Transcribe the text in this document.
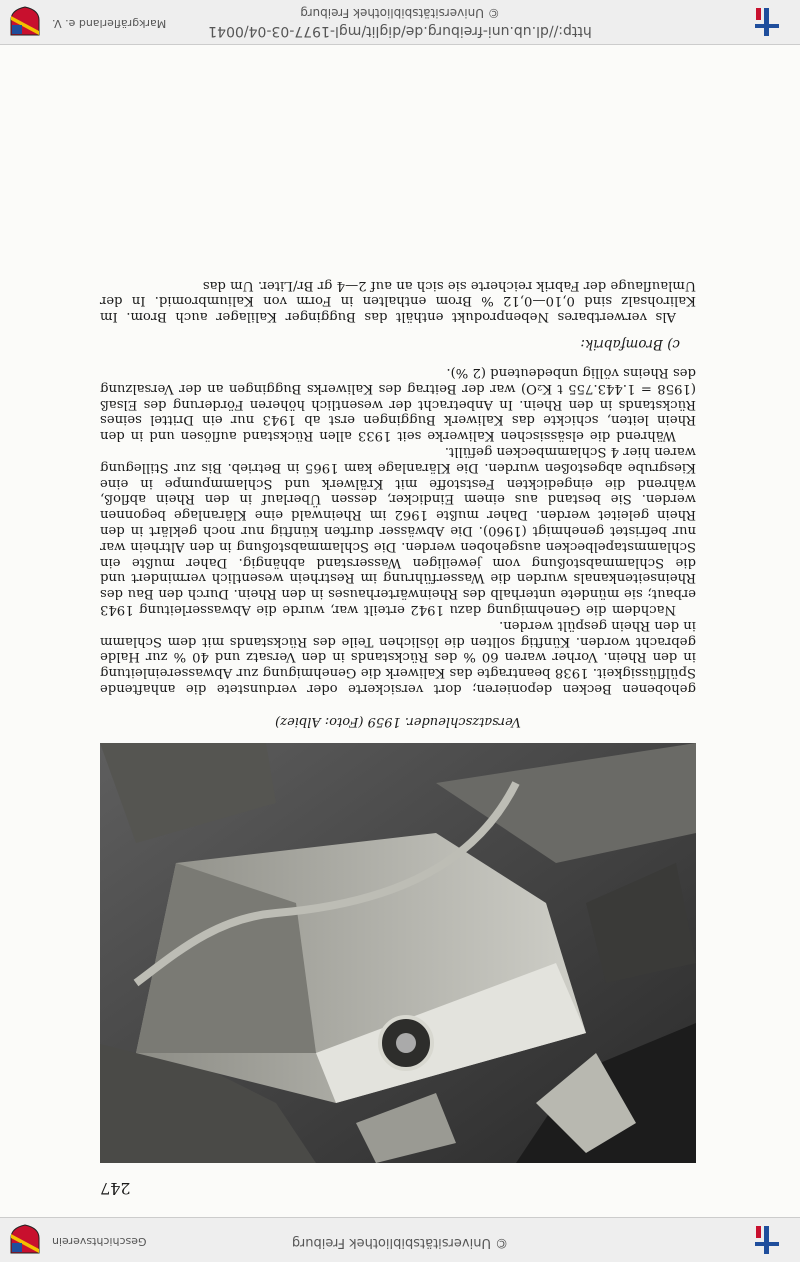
© Universitätsbibliothek Freiburg
Geschichtsverein
247
Versatzschleuder. 1959 (Foto: Albiez)

gehobenen Becken deponieren; dort versickerte oder verdunstete die anhaftende Spülflüssigkeit. 1938 beantragte das Kaliwerk die Genehmigung zur Abwassereinleitung in den Rhein. Vorher waren 60 % des Rückstands in den Versatz und 40 % zur Halde gebracht worden. Künftig sollten die löslichen Teile des Rückstands mit dem Schlamm in den Rhein gespült werden.

Nachdem die Genehmigung dazu 1942 erteilt war, wurde die Abwasserleitung 1943 erbaut; sie mündete unterhalb des Rheinwärterhauses in den Rhein. Durch den Bau des Rheinseitenkanals wurden die Wasserführung im Restrhein wesentlich vermindert und die Schlammabstoßung vom jeweiligen Wasserstand abhängig. Daher mußte ein Schlammstapelbecken ausgehoben werden. Die Schlammabstoßung in den Altrhein war nur befristet genehmigt (1960). Die Abwässer durften künftig nur noch geklärt in den Rhein geleitet werden. Daher mußte 1962 im Rheinwald eine Kläranlage begonnen werden. Sie bestand aus einem Eindicker, dessen Überlauf in den Rhein abfloß, während die eingedickten Feststoffe mit Krälwerk und Schlammpumpe in eine Kiesgrube abgestoßen wurden. Die Kläranlage kam 1965 in Betrieb. Bis zur Stillegung waren hier 4 Schlammbecken gefüllt.

Während die elsässischen Kaliwerke seit 1933 allen Rückstand auflösen und in den Rhein leiten, schickte das Kaliwerk Buggingen erst ab 1943 nur ein Drittel seines Rückstands in den Rhein. In Anbetracht der wesentlich höheren Förderung des Elsaß (1958 = 1.443.755 t K₂O) war der Beitrag des Kaliwerks Buggingen an der Versalzung des Rheins völlig unbedeutend (2 %).

c) Bromfabrik:

Als verwertbares Nebenprodukt enthält das Bugginger Kalilager auch Brom. Im Kalirohsalz sind 0,10—0,12 % Brom enthalten in Form von Kaliumbromid. In der Umlauflauge der Fabrik reicherte sie sich an auf 2—4 gr Br/Liter. Um das

http://dl.ub.uni-freiburg.de/diglit/mgl-1977-03-04/0041
© Universitätsbibliothek Freiburg
Markgräflerland e. V.
